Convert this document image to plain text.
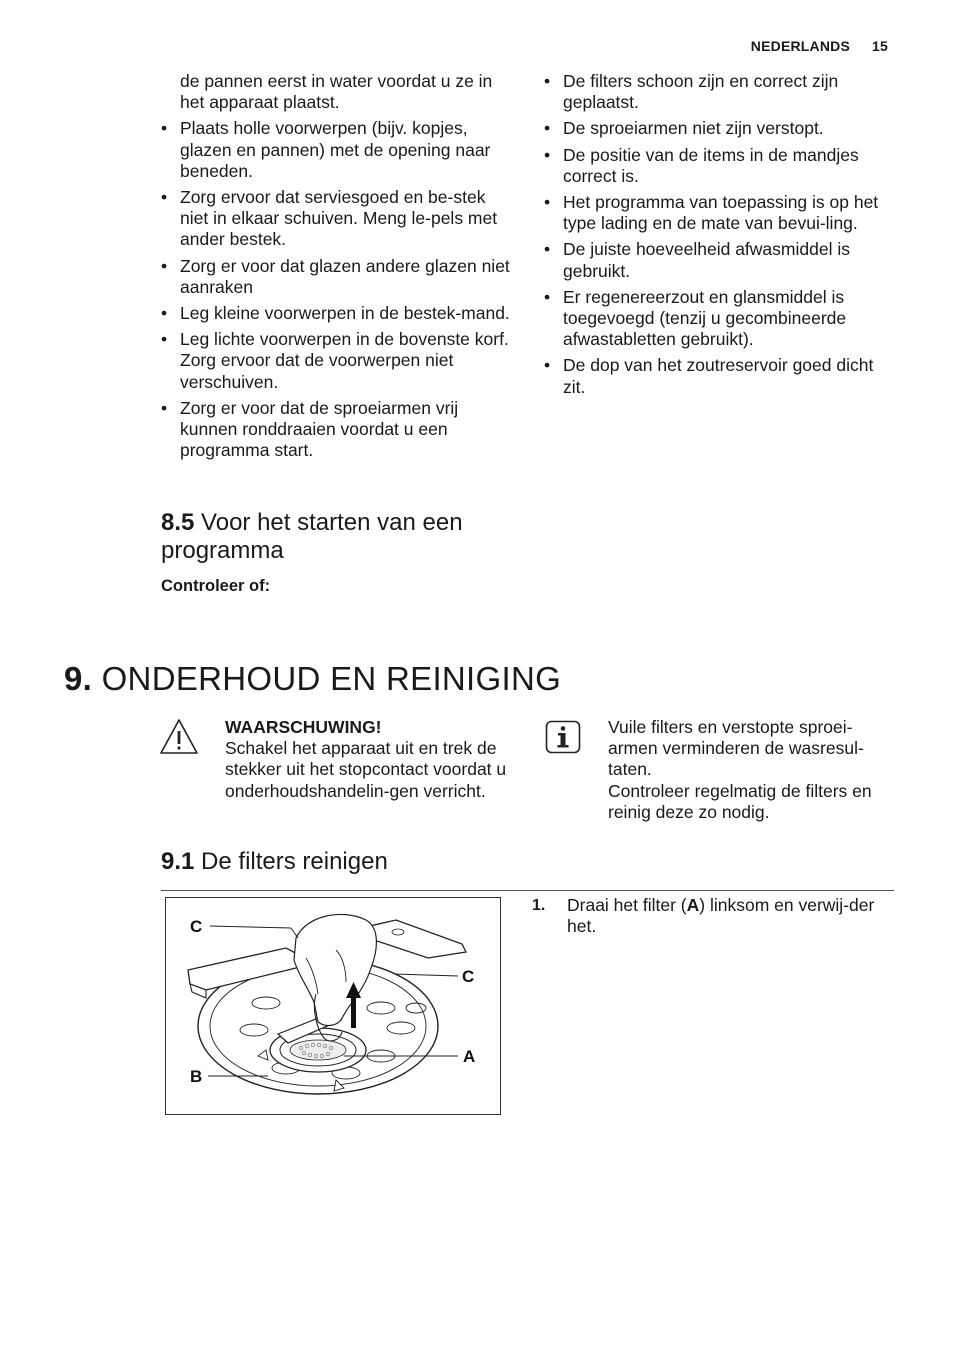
NEDERLANDS 15
de pannen eerst in water voordat u ze in het apparaat plaatst.
• Plaats holle voorwerpen (bijv. kopjes, glazen en pannen) met de opening naar beneden.
• Zorg ervoor dat serviesgoed en be-stek niet in elkaar schuiven. Meng le-pels met ander bestek.
• Zorg er voor dat glazen andere glazen niet aanraken
• Leg kleine voorwerpen in de bestek-mand.
• Leg lichte voorwerpen in de bovenste korf. Zorg ervoor dat de voorwerpen niet verschuiven.
• Zorg er voor dat de sproeiarmen vrij kunnen ronddraaien voordat u een programma start.
8.5 Voor het starten van een programma
Controleer of:
• De filters schoon zijn en correct zijn geplaatst.
• De sproeiarmen niet zijn verstopt.
• De positie van de items in de mandjes correct is.
• Het programma van toepassing is op het type lading en de mate van bevui-ling.
• De juiste hoeveelheid afwasmiddel is gebruikt.
• Er regenereerzout en glansmiddel is toegevoegd (tenzij u gecombineerde afwastabletten gebruikt).
• De dop van het zoutreservoir goed dicht zit.
9. ONDERHOUD EN REINIGING
WAARSCHUWING!
Schakel het apparaat uit en trek de stekker uit het stopcontact voordat u onderhoudshandelin-gen verricht.
Vuile filters en verstopte sproei-armen verminderen de wasresul-taten.
Controleer regelmatig de filters en reinig deze zo nodig.
9.1 De filters reinigen
C
C
A
B
1. Draai het filter (A) linksom en verwij-der het.
